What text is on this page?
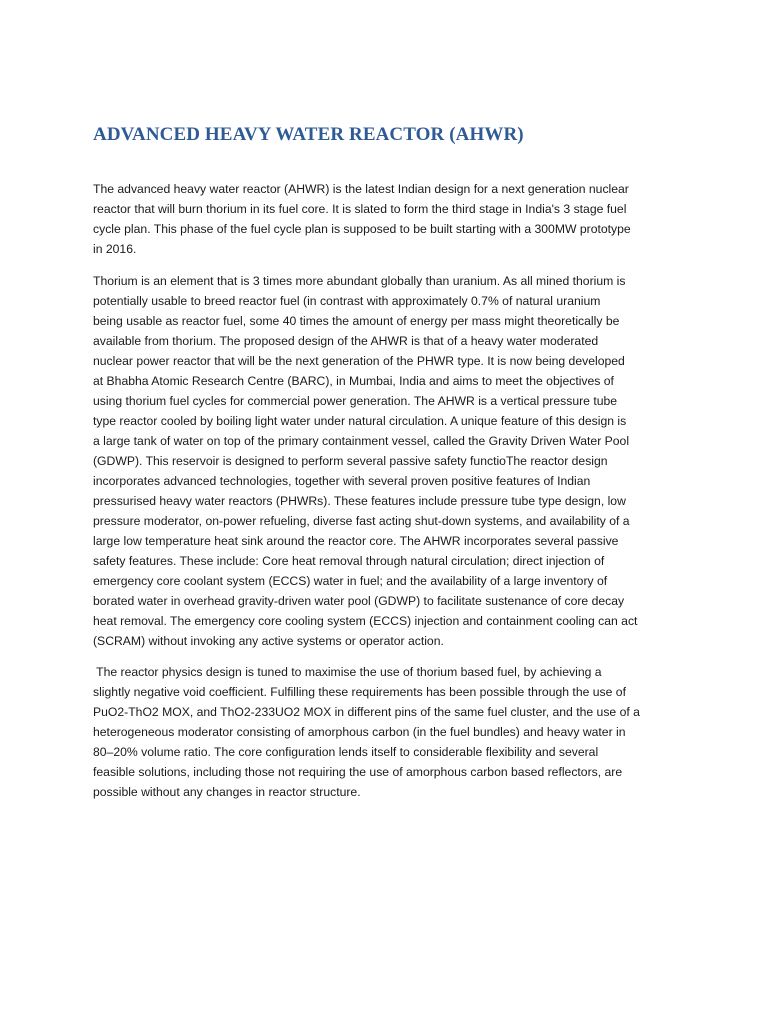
ADVANCED HEAVY WATER REACTOR (AHWR)

The advanced heavy water reactor (AHWR) is the latest Indian design for a next generation nuclear
reactor that will burn thorium in its fuel core. It is slated to form the third stage in India's 3 stage fuel
cycle plan. This phase of the fuel cycle plan is supposed to be built starting with a 300MW prototype
in 2016.

Thorium is an element that is 3 times more abundant globally than uranium. As all mined thorium is
potentially usable to breed reactor fuel (in contrast with approximately 0.7% of natural uranium
being usable as reactor fuel, some 40 times the amount of energy per mass might theoretically be
available from thorium. The proposed design of the AHWR is that of a heavy water moderated
nuclear power reactor that will be the next generation of the PHWR type. It is now being developed
at Bhabha Atomic Research Centre (BARC), in Mumbai, India and aims to meet the objectives of
using thorium fuel cycles for commercial power generation. The AHWR is a vertical pressure tube
type reactor cooled by boiling light water under natural circulation. A unique feature of this design is
a large tank of water on top of the primary containment vessel, called the Gravity Driven Water Pool
(GDWP). This reservoir is designed to perform several passive safety functioThe reactor design
incorporates advanced technologies, together with several proven positive features of Indian
pressurised heavy water reactors (PHWRs). These features include pressure tube type design, low
pressure moderator, on-power refueling, diverse fast acting shut-down systems, and availability of a
large low temperature heat sink around the reactor core. The AHWR incorporates several passive
safety features. These include: Core heat removal through natural circulation; direct injection of
emergency core coolant system (ECCS) water in fuel; and the availability of a large inventory of
borated water in overhead gravity-driven water pool (GDWP) to facilitate sustenance of core decay
heat removal. The emergency core cooling system (ECCS) injection and containment cooling can act
(SCRAM) without invoking any active systems or operator action.

The reactor physics design is tuned to maximise the use of thorium based fuel, by achieving a
slightly negative void coefficient. Fulfilling these requirements has been possible through the use of
PuO2-ThO2 MOX, and ThO2-233UO2 MOX in different pins of the same fuel cluster, and the use of a
heterogeneous moderator consisting of amorphous carbon (in the fuel bundles) and heavy water in
80–20% volume ratio. The core configuration lends itself to considerable flexibility and several
feasible solutions, including those not requiring the use of amorphous carbon based reflectors, are
possible without any changes in reactor structure.
